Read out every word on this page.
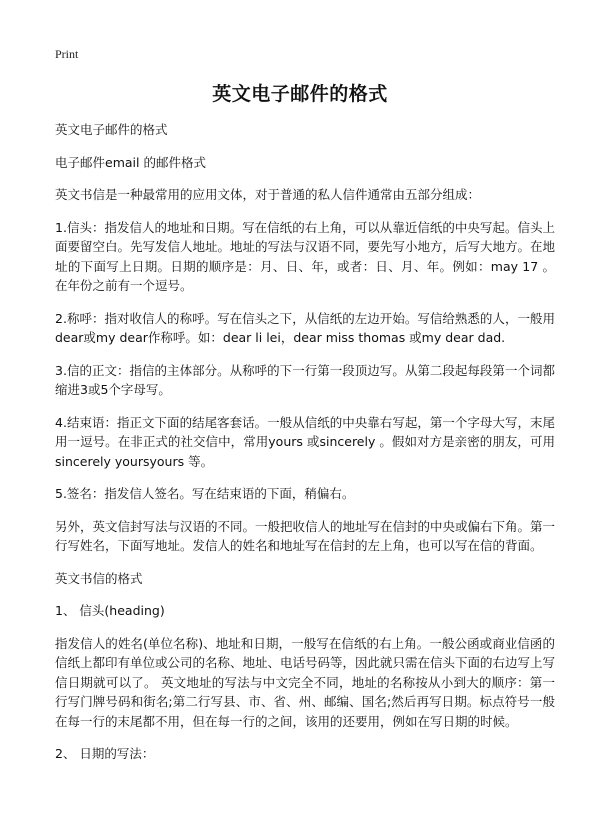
Print
英文电子邮件的格式

英文电子邮件的格式

电子邮件email 的邮件格式

英文书信是一种最常用的应用文体，对于普通的私人信件通常由五部分组成：

1.信头：指发信人的地址和日期。写在信纸的右上角，可以从靠近信纸的中央写起。信头上面要留空白。先写发信人地址。地址的写法与汉语不同，要先写小地方，后写大地方。在地址的下面写上日期。日期的顺序是：月、日、年，或者：日、月、年。例如：may 17 。在年份之前有一个逗号。

2.称呼：指对收信人的称呼。写在信头之下，从信纸的左边开始。写信给熟悉的人，一般用dear或my dear作称呼。如：dear li lei，dear miss thomas 或my dear dad.

3.信的正文：指信的主体部分。从称呼的下一行第一段顶边写。从第二段起每段第一个词都缩进3或5个字母写。

4.结束语：指正文下面的结尾客套话。一般从信纸的中央靠右写起，第一个字母大写，末尾用一逗号。在非正式的社交信中，常用yours 或sincerely 。假如对方是亲密的朋友，可用sincerely yoursyours 等。

5.签名：指发信人签名。写在结束语的下面，稍偏右。

另外，英文信封写法与汉语的不同。一般把收信人的地址写在信封的中央或偏右下角。第一行写姓名，下面写地址。发信人的姓名和地址写在信封的左上角，也可以写在信的背面。

英文书信的格式

1、 信头(heading)

指发信人的姓名(单位名称)、地址和日期，一般写在信纸的右上角。一般公函或商业信函的信纸上都印有单位或公司的名称、地址、电话号码等，因此就只需在信头下面的右边写上写信日期就可以了。 英文地址的写法与中文完全不同，地址的名称按从小到大的顺序：第一行写门牌号码和街名;第二行写县、市、省、州、邮编、国名;然后再写日期。标点符号一般在每一行的末尾都不用，但在每一行的之间，该用的还要用，例如在写日期的时候。

2、 日期的写法：
